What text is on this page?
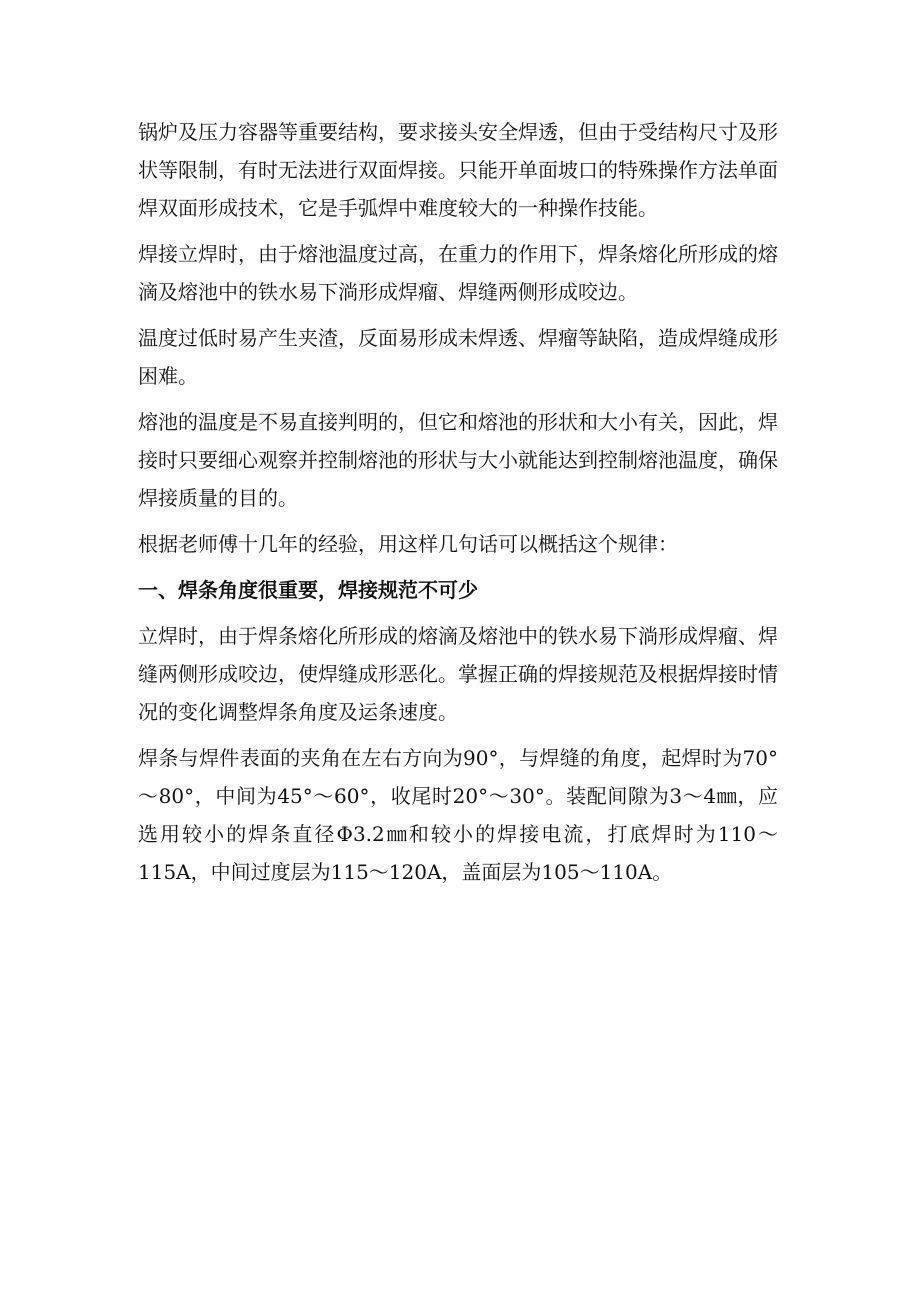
锅炉及压力容器等重要结构，要求接头安全焊透，但由于受结构尺寸及形状等限制，有时无法进行双面焊接。只能开单面坡口的特殊操作方法单面焊双面形成技术，它是手弧焊中难度较大的一种操作技能。

焊接立焊时，由于熔池温度过高，在重力的作用下，焊条熔化所形成的熔滴及熔池中的铁水易下淌形成焊瘤、焊缝两侧形成咬边。

温度过低时易产生夹渣，反面易形成未焊透、焊瘤等缺陷，造成焊缝成形困难。

熔池的温度是不易直接判明的，但它和熔池的形状和大小有关，因此，焊接时只要细心观察并控制熔池的形状与大小就能达到控制熔池温度，确保焊接质量的目的。

根据老师傅十几年的经验，用这样几句话可以概括这个规律：

一、焊条角度很重要，焊接规范不可少

立焊时，由于焊条熔化所形成的熔滴及熔池中的铁水易下淌形成焊瘤、焊缝两侧形成咬边，使焊缝成形恶化。掌握正确的焊接规范及根据焊接时情况的变化调整焊条角度及运条速度。

焊条与焊件表面的夹角在左右方向为90°，与焊缝的角度，起焊时为70°～80°，中间为45°～60°，收尾时20°～30°。装配间隙为3～4㎜，应选用较小的焊条直径Φ3.2㎜和较小的焊接电流，打底焊时为110～115A，中间过度层为115～120A，盖面层为105～110A。
